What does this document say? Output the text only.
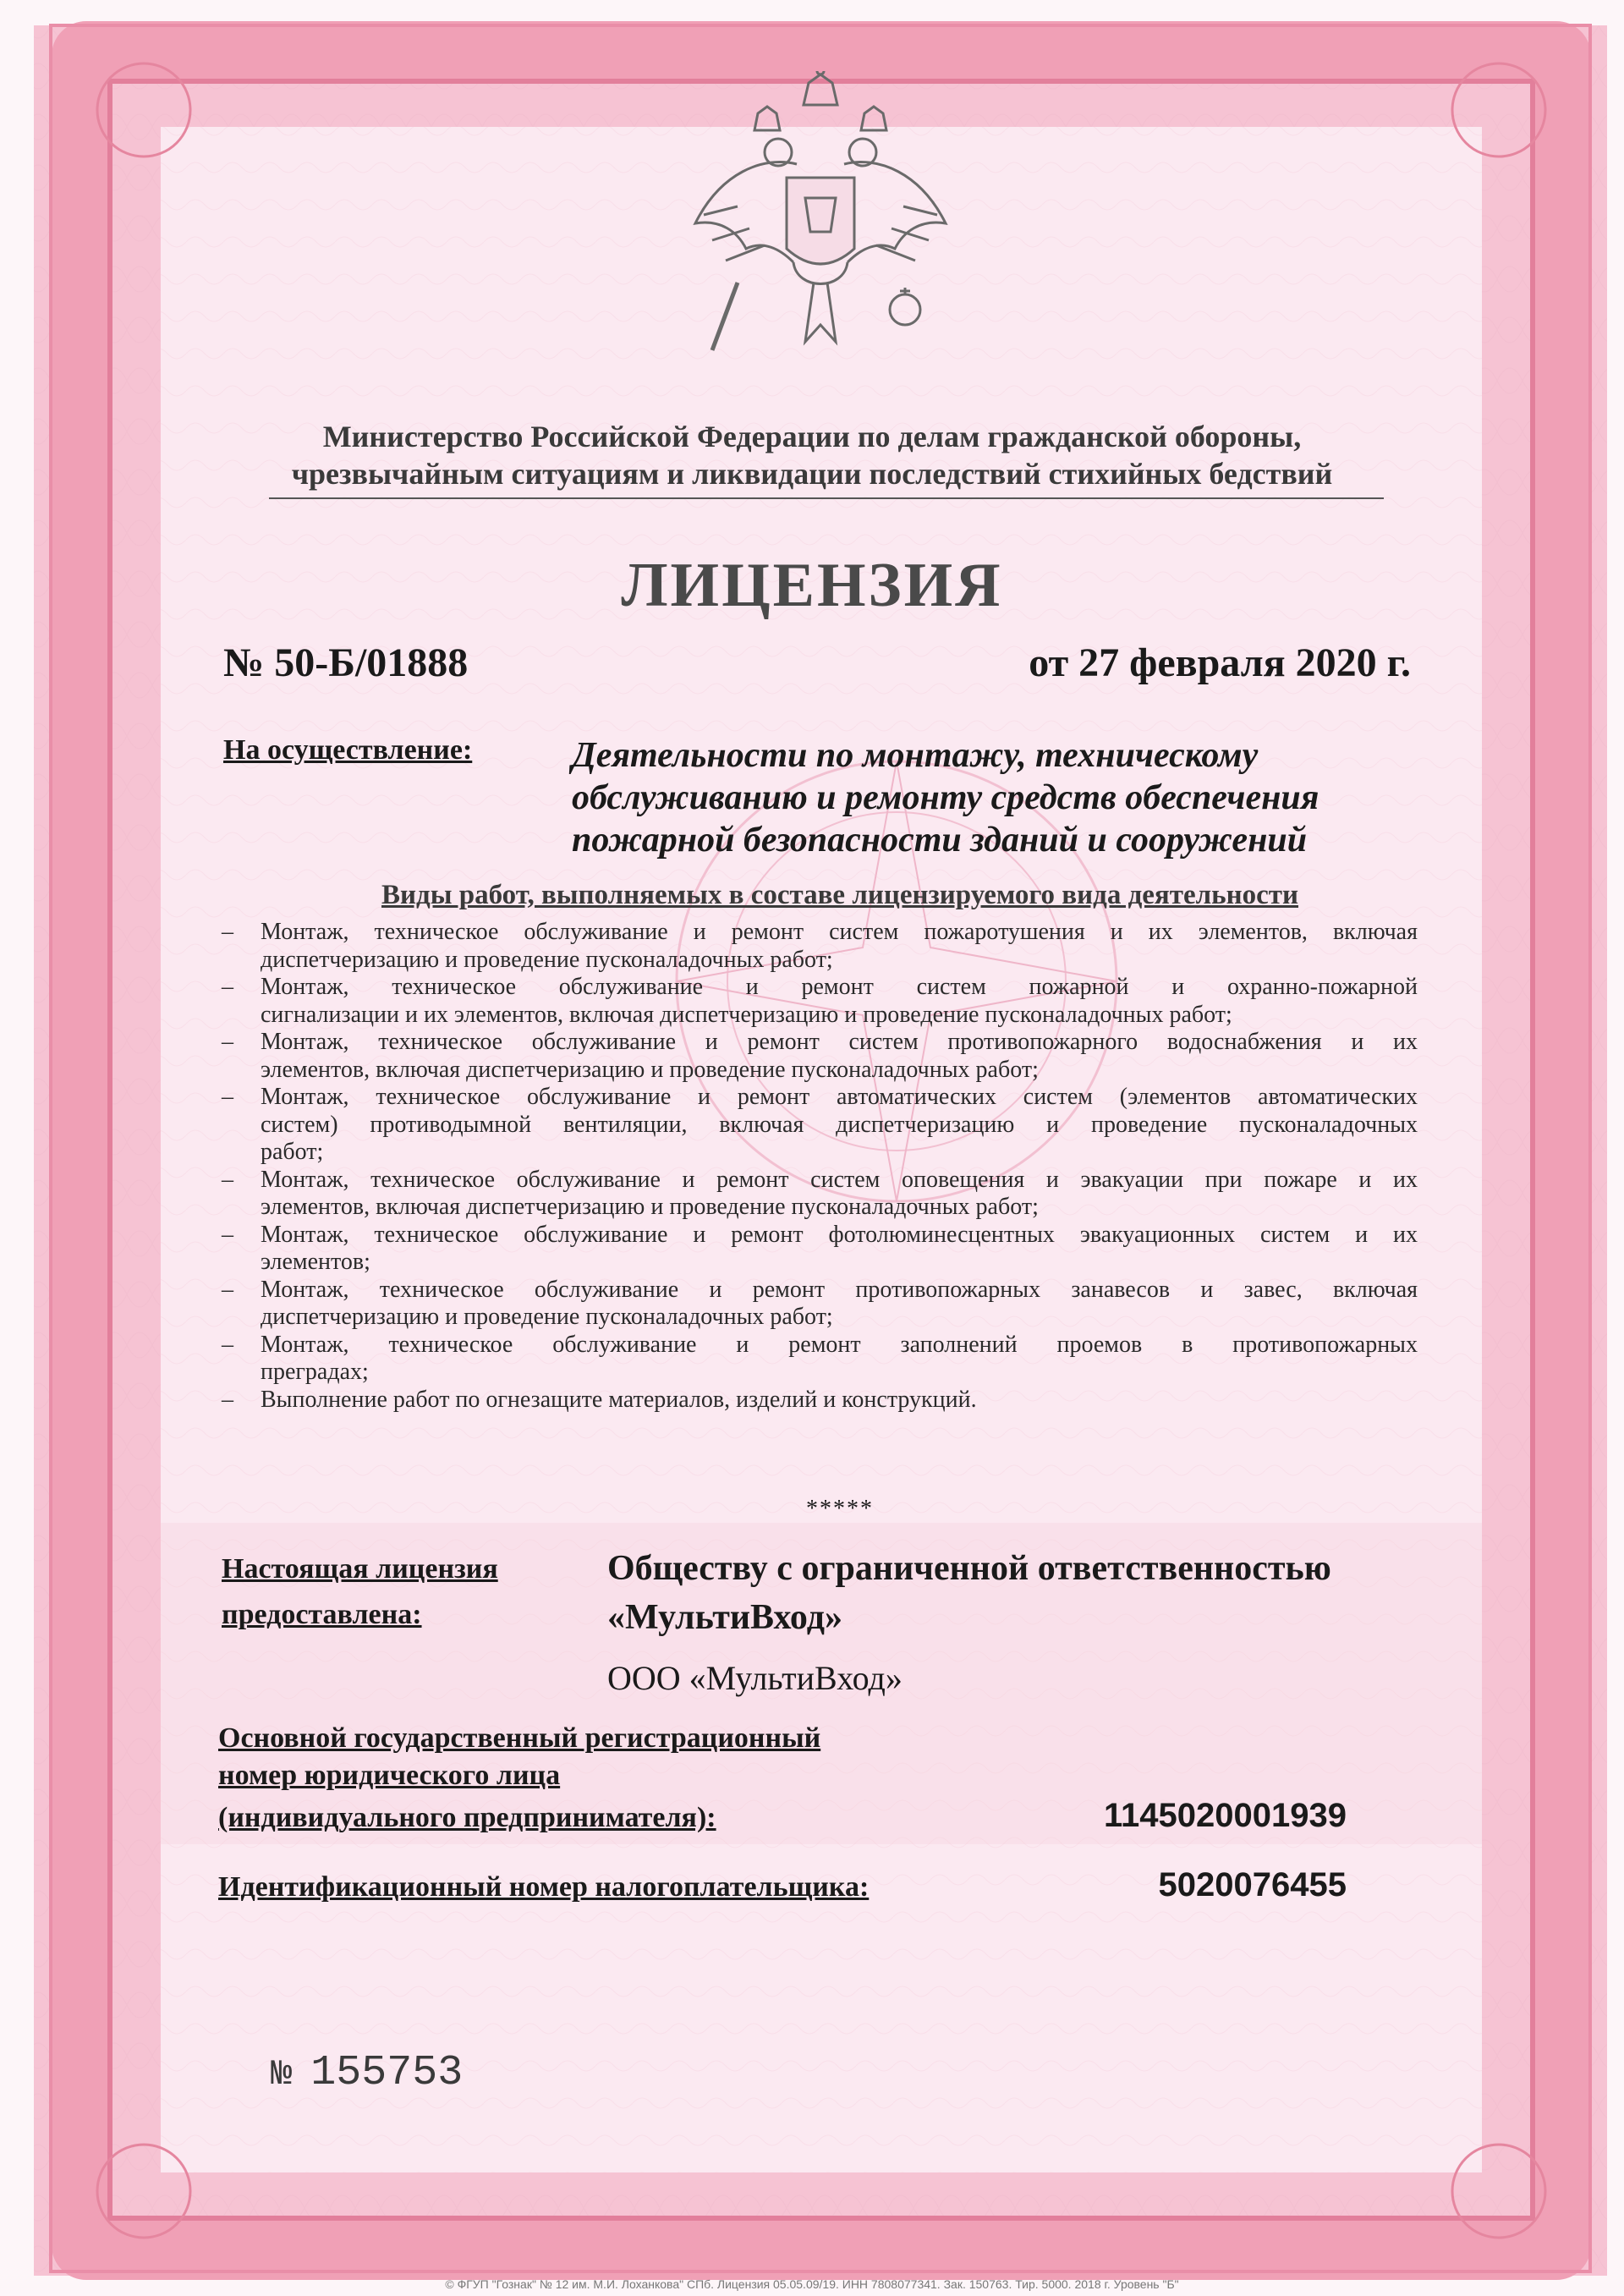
Министерство Российской Федерации по делам гражданской обороны,
чрезвычайным ситуациям и ликвидации последствий стихийных бедствий
ЛИЦЕНЗИЯ
№ 50-Б/01888	от 27 февраля 2020 г.
На осуществление:	Деятельности по монтажу, техническому
обслуживанию и ремонту средств обеспечения
пожарной безопасности зданий и сооружений
Виды работ, выполняемых в составе лицензируемого вида деятельности
– Монтаж, техническое обслуживание и ремонт систем пожаротушения и их элементов, включая
диспетчеризацию и проведение пусконаладочных работ;
– Монтаж, техническое обслуживание и ремонт систем пожарной и охранно-пожарной
сигнализации и их элементов, включая диспетчеризацию и проведение пусконаладочных работ;
– Монтаж, техническое обслуживание и ремонт систем противопожарного водоснабжения и их
элементов, включая диспетчеризацию и проведение пусконаладочных работ;
– Монтаж, техническое обслуживание и ремонт автоматических систем (элементов автоматических
систем) противодымной вентиляции, включая диспетчеризацию и проведение пусконаладочных
работ;
– Монтаж, техническое обслуживание и ремонт систем оповещения и эвакуации при пожаре и их
элементов, включая диспетчеризацию и проведение пусконаладочных работ;
– Монтаж, техническое обслуживание и ремонт фотолюминесцентных эвакуационных систем и их
элементов;
– Монтаж, техническое обслуживание и ремонт противопожарных занавесов и завес, включая
диспетчеризацию и проведение пусконаладочных работ;
– Монтаж, техническое обслуживание и ремонт заполнений проемов в противопожарных
преградах;
– Выполнение работ по огнезащите материалов, изделий и конструкций.
*****
Настоящая лицензия
предоставлена:
Обществу с ограниченной ответственностью
«МультиВход»
ООО «МультиВход»
Основной государственный регистрационный
номер юридического лица
(индивидуального предпринимателя):	1145020001939
Идентификационный номер налогоплательщика:	5020076455
№ 155753
© ФГУП "Гознак" № 12 им. М.И. Лоханкова" СПб. Лицензия 05.05.09/19. ИНН 7808077341. Зак. 150763. Тир. 5000. 2018 г. Уровень "Б"
